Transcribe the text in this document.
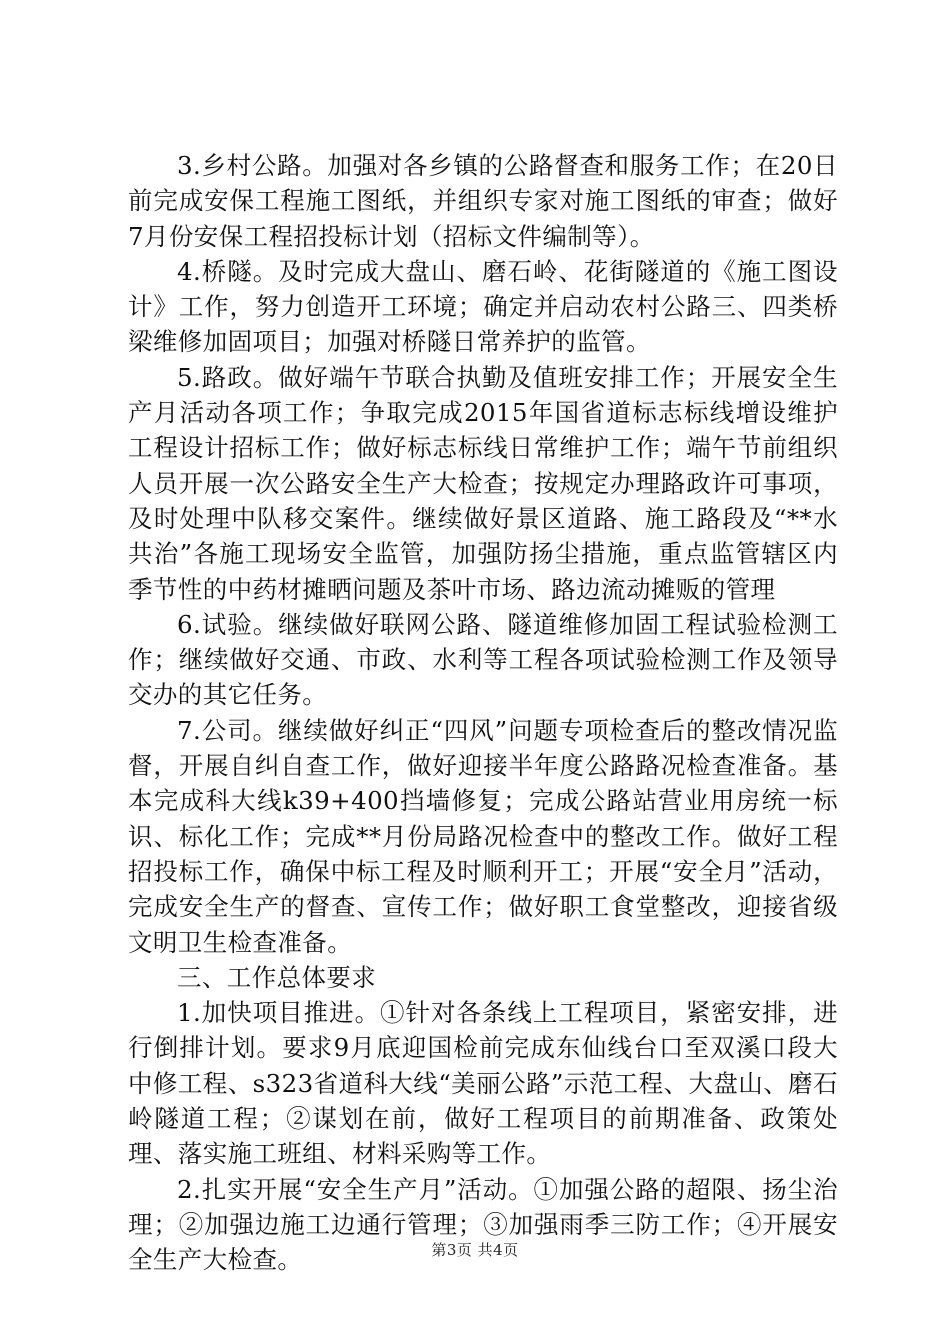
3.乡村公路。加强对各乡镇的公路督查和服务工作；在20日前完成安保工程施工图纸，并组织专家对施工图纸的审查；做好7月份安保工程招投标计划（招标文件编制等）。

4.桥隧。及时完成大盘山、磨石岭、花街隧道的《施工图设计》工作，努力创造开工环境；确定并启动农村公路三、四类桥梁维修加固项目；加强对桥隧日常养护的监管。

5.路政。做好端午节联合执勤及值班安排工作；开展安全生产月活动各项工作；争取完成2015年国省道标志标线增设维护工程设计招标工作；做好标志标线日常维护工作；端午节前组织人员开展一次公路安全生产大检查；按规定办理路政许可事项，及时处理中队移交案件。继续做好景区道路、施工路段及“**水共治”各施工现场安全监管，加强防扬尘措施，重点监管辖区内季节性的中药材摊晒问题及茶叶市场、路边流动摊贩的管理

6.试验。继续做好联网公路、隧道维修加固工程试验检测工作；继续做好交通、市政、水利等工程各项试验检测工作及领导交办的其它任务。

7.公司。继续做好纠正“四风”问题专项检查后的整改情况监督，开展自纠自查工作，做好迎接半年度公路路况检查准备。基本完成科大线k39+400挡墙修复；完成公路站营业用房统一标识、标化工作；完成**月份局路况检查中的整改工作。做好工程招投标工作，确保中标工程及时顺利开工；开展“安全月”活动，完成安全生产的督查、宣传工作；做好职工食堂整改，迎接省级文明卫生检查准备。

三、工作总体要求

1.加快项目推进。①针对各条线上工程项目，紧密安排，进行倒排计划。要求9月底迎国检前完成东仙线台口至双溪口段大中修工程、s323省道科大线“美丽公路”示范工程、大盘山、磨石岭隧道工程；②谋划在前，做好工程项目的前期准备、政策处理、落实施工班组、材料采购等工作。

2.扎实开展“安全生产月”活动。①加强公路的超限、扬尘治理；②加强边施工边通行管理；③加强雨季三防工作；④开展安全生产大检查。	第3页 共4页
